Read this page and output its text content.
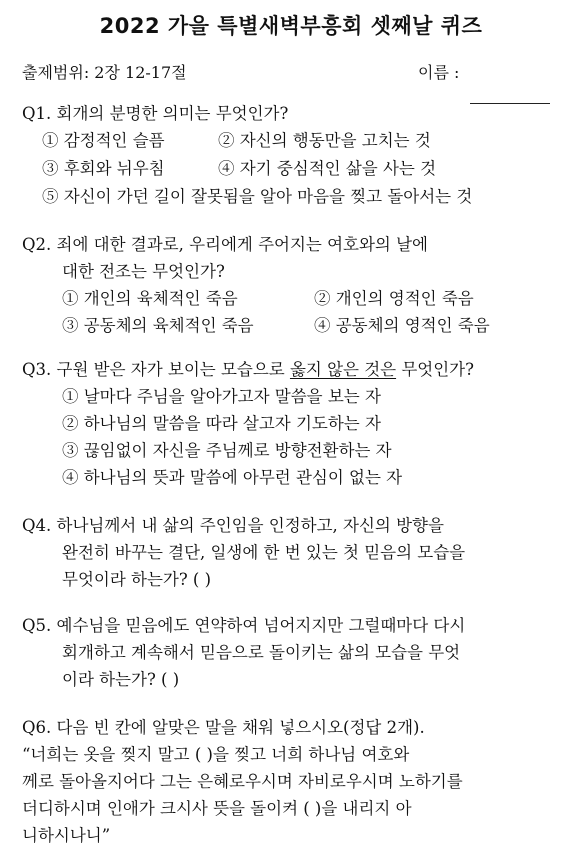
2022 가을 특별새벽부흥회 셋째날 퀴즈
출제범위: 2장 12-17절	이름 :
Q1. 회개의 분명한 의미는 무엇인가?
① 감정적인 슬픔	② 자신의 행동만을 고치는 것
③ 후회와 뉘우침	④ 자기 중심적인 삶을 사는 것
⑤ 자신이 가던 길이 잘못됨을 알아 마음을 찢고 돌아서는 것
Q2. 죄에 대한 결과로, 우리에게 주어지는 여호와의 날에
대한 전조는 무엇인가?
① 개인의 육체적인 죽음	② 개인의 영적인 죽음
③ 공동체의 육체적인 죽음	④ 공동체의 영적인 죽음
Q3. 구원 받은 자가 보이는 모습으로 옳지 않은 것은 무엇인가?
① 날마다 주님을 알아가고자 말씀을 보는 자
② 하나님의 말씀을 따라 살고자 기도하는 자
③ 끊임없이 자신을 주님께로 방향전환하는 자
④ 하나님의 뜻과 말씀에 아무런 관심이 없는 자
Q4. 하나님께서 내 삶의 주인임을 인정하고, 자신의 방향을
완전히 바꾸는 결단, 일생에 한 번 있는 첫 믿음의 모습을
무엇이라 하는가? ( )
Q5. 예수님을 믿음에도 연약하여 넘어지지만 그럴때마다 다시
회개하고 계속해서 믿음으로 돌이키는 삶의 모습을 무엇
이라 하는가? ( )
Q6. 다음 빈 칸에 알맞은 말을 채워 넣으시오(정답 2개).
“너희는 옷을 찢지 말고 ( )을 찢고 너희 하나님 여호와
께로 돌아올지어다 그는 은혜로우시며 자비로우시며 노하기를
더디하시며 인애가 크시사 뜻을 돌이켜 ( )을 내리지 아
니하시나니”
